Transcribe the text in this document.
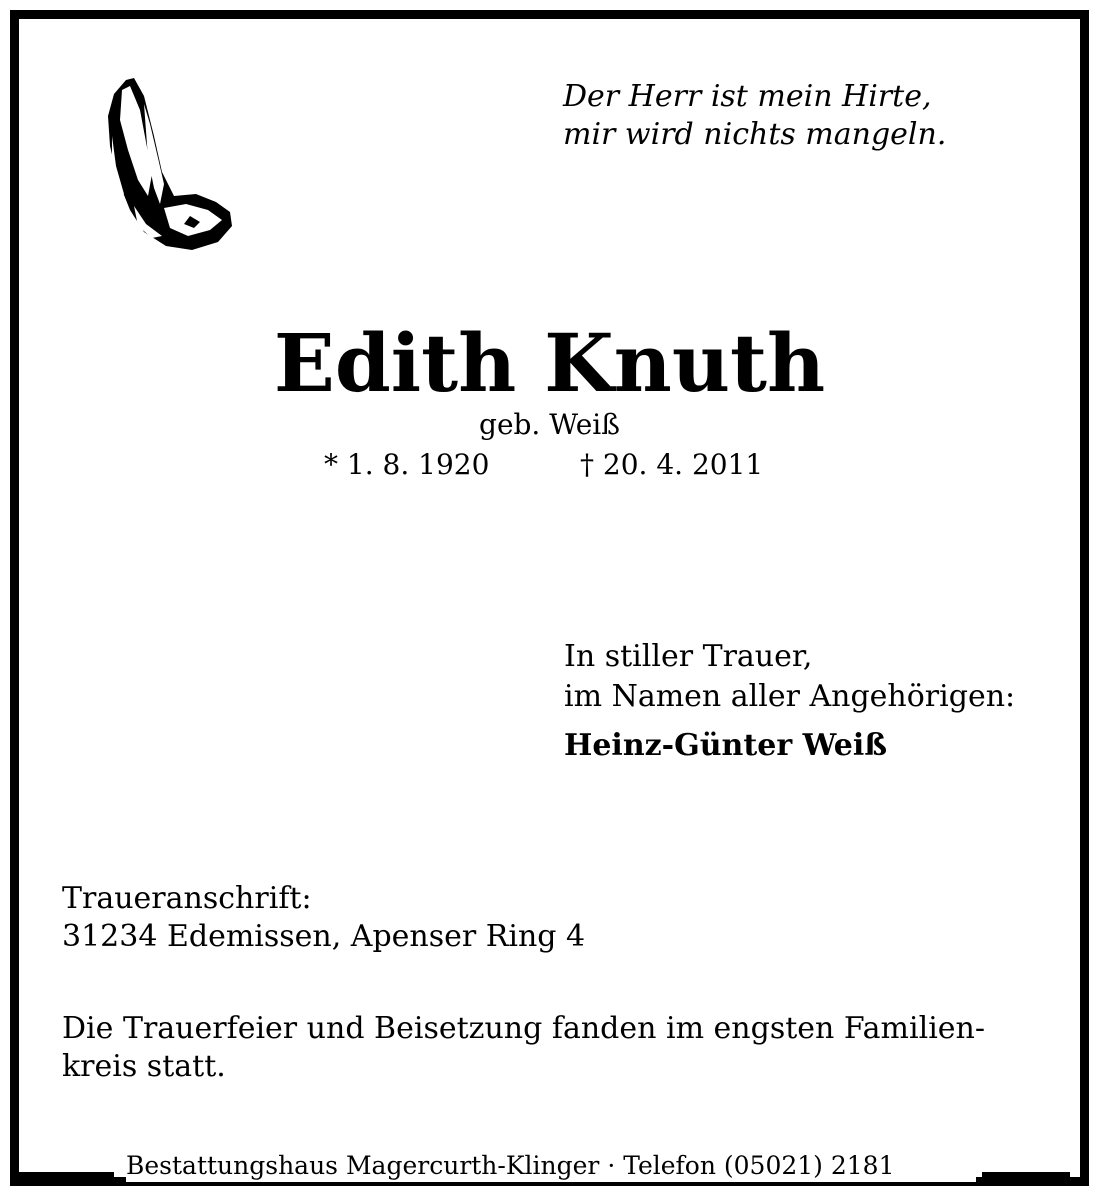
Der Herr ist mein Hirte,
mir wird nichts mangeln.
Edith Knuth
geb. Weiß
* 1. 8. 1920	† 20. 4. 2011
In stiller Trauer,
im Namen aller Angehörigen:
Heinz-Günter Weiß
Traueranschrift:
31234 Edemissen, Apenser Ring 4
Die Trauerfeier und Beisetzung fanden im engsten Familien-
kreis statt.
Bestattungshaus Magercurth-Klinger · Telefon (05021) 2181
